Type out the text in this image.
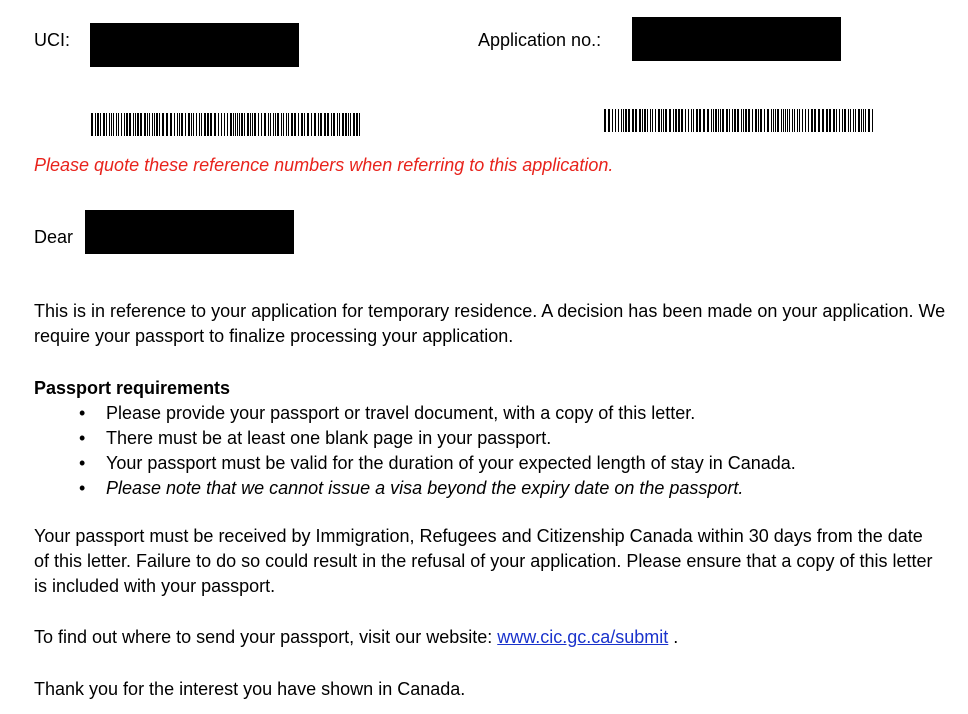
UCI:	Application no.:
Please quote these reference numbers when referring to this application.
Dear
This is in reference to your application for temporary residence. A decision has been made on your application. We require your passport to finalize processing your application.
Passport requirements
• Please provide your passport or travel document, with a copy of this letter.
• There must be at least one blank page in your passport.
• Your passport must be valid for the duration of your expected length of stay in Canada.
• Please note that we cannot issue a visa beyond the expiry date on the passport.
Your passport must be received by Immigration, Refugees and Citizenship Canada within 30 days from the date of this letter. Failure to do so could result in the refusal of your application. Please ensure that a copy of this letter is included with your passport.
To find out where to send your passport, visit our website: www.cic.gc.ca/submit .
Thank you for the interest you have shown in Canada.
